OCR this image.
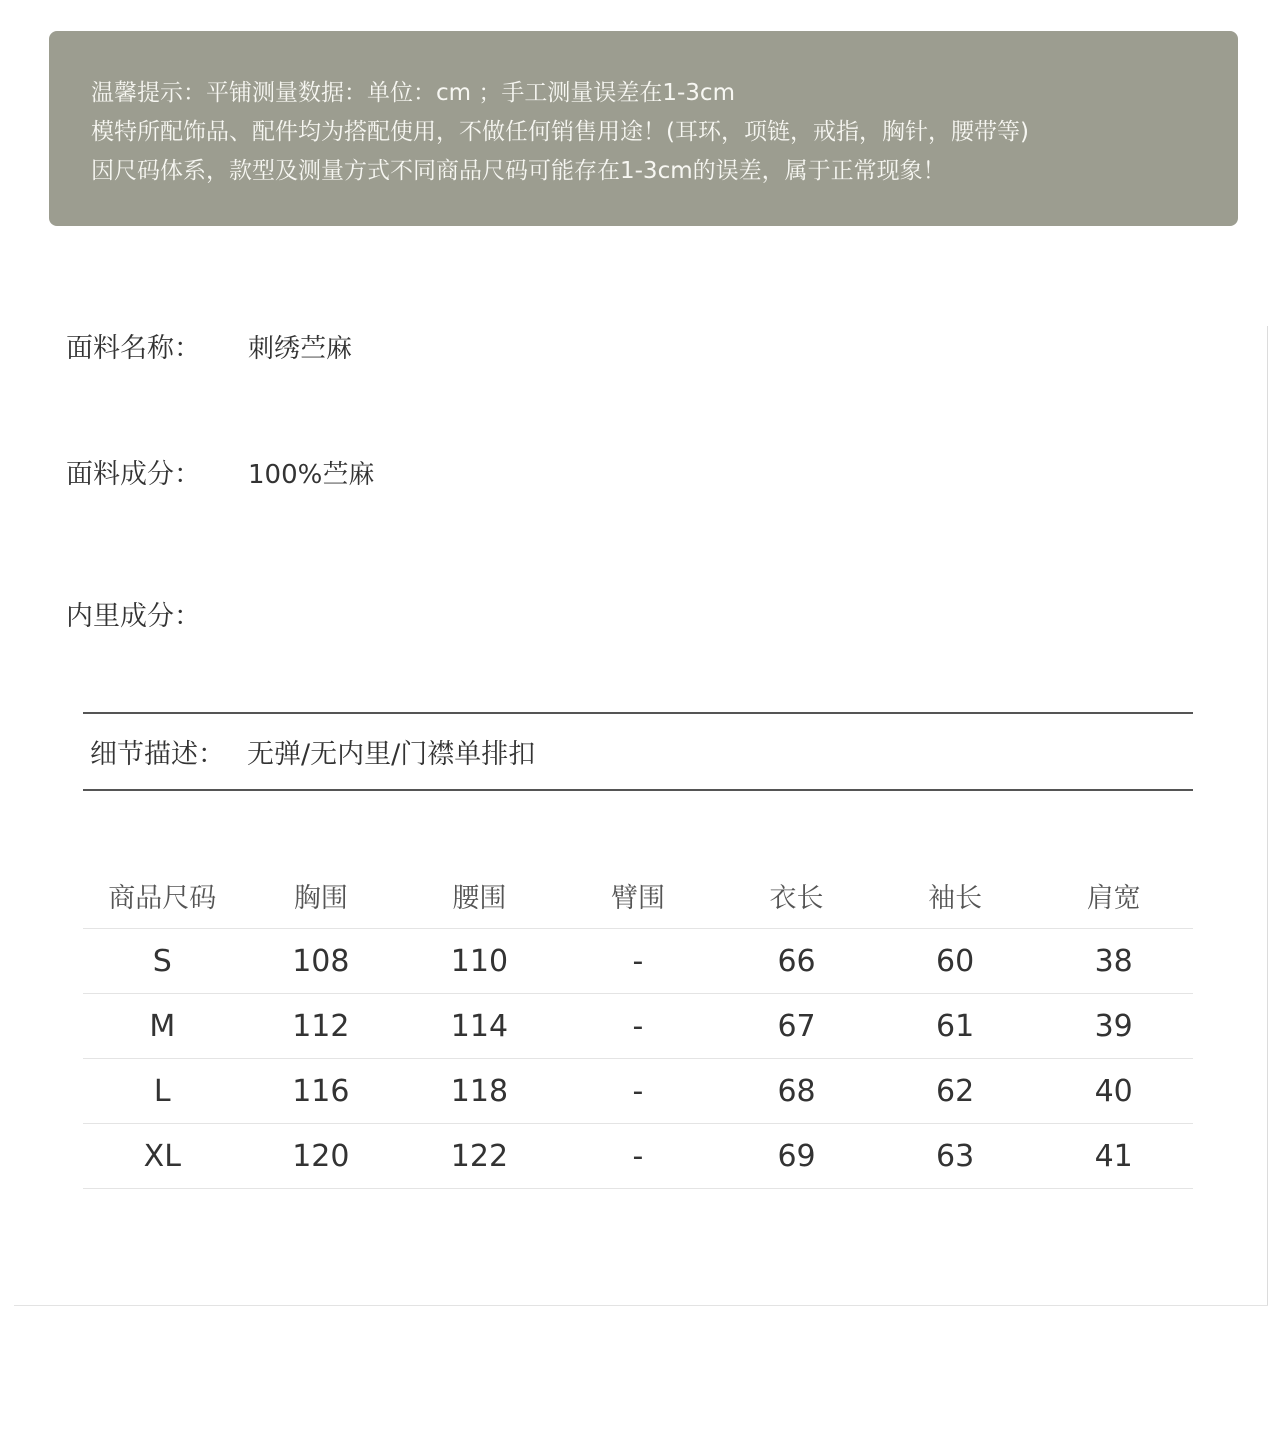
温馨提示：平铺测量数据：单位：cm ；手工测量误差在1-3cm
模特所配饰品、配件均为搭配使用，不做任何销售用途！(耳环，项链，戒指，胸针，腰带等)
因尺码体系，款型及测量方式不同商品尺码可能存在1-3cm的误差，属于正常现象！
面料名称： 刺绣苎麻
面料成分： 100%苎麻
内里成分：
细节描述： 无弹/无内里/门襟单排扣
商品尺码	胸围	腰围	臂围	衣长	袖长	肩宽
S	108	110	-	66	60	38
M	112	114	-	67	61	39
L	116	118	-	68	62	40
XL	120	122	-	69	63	41
